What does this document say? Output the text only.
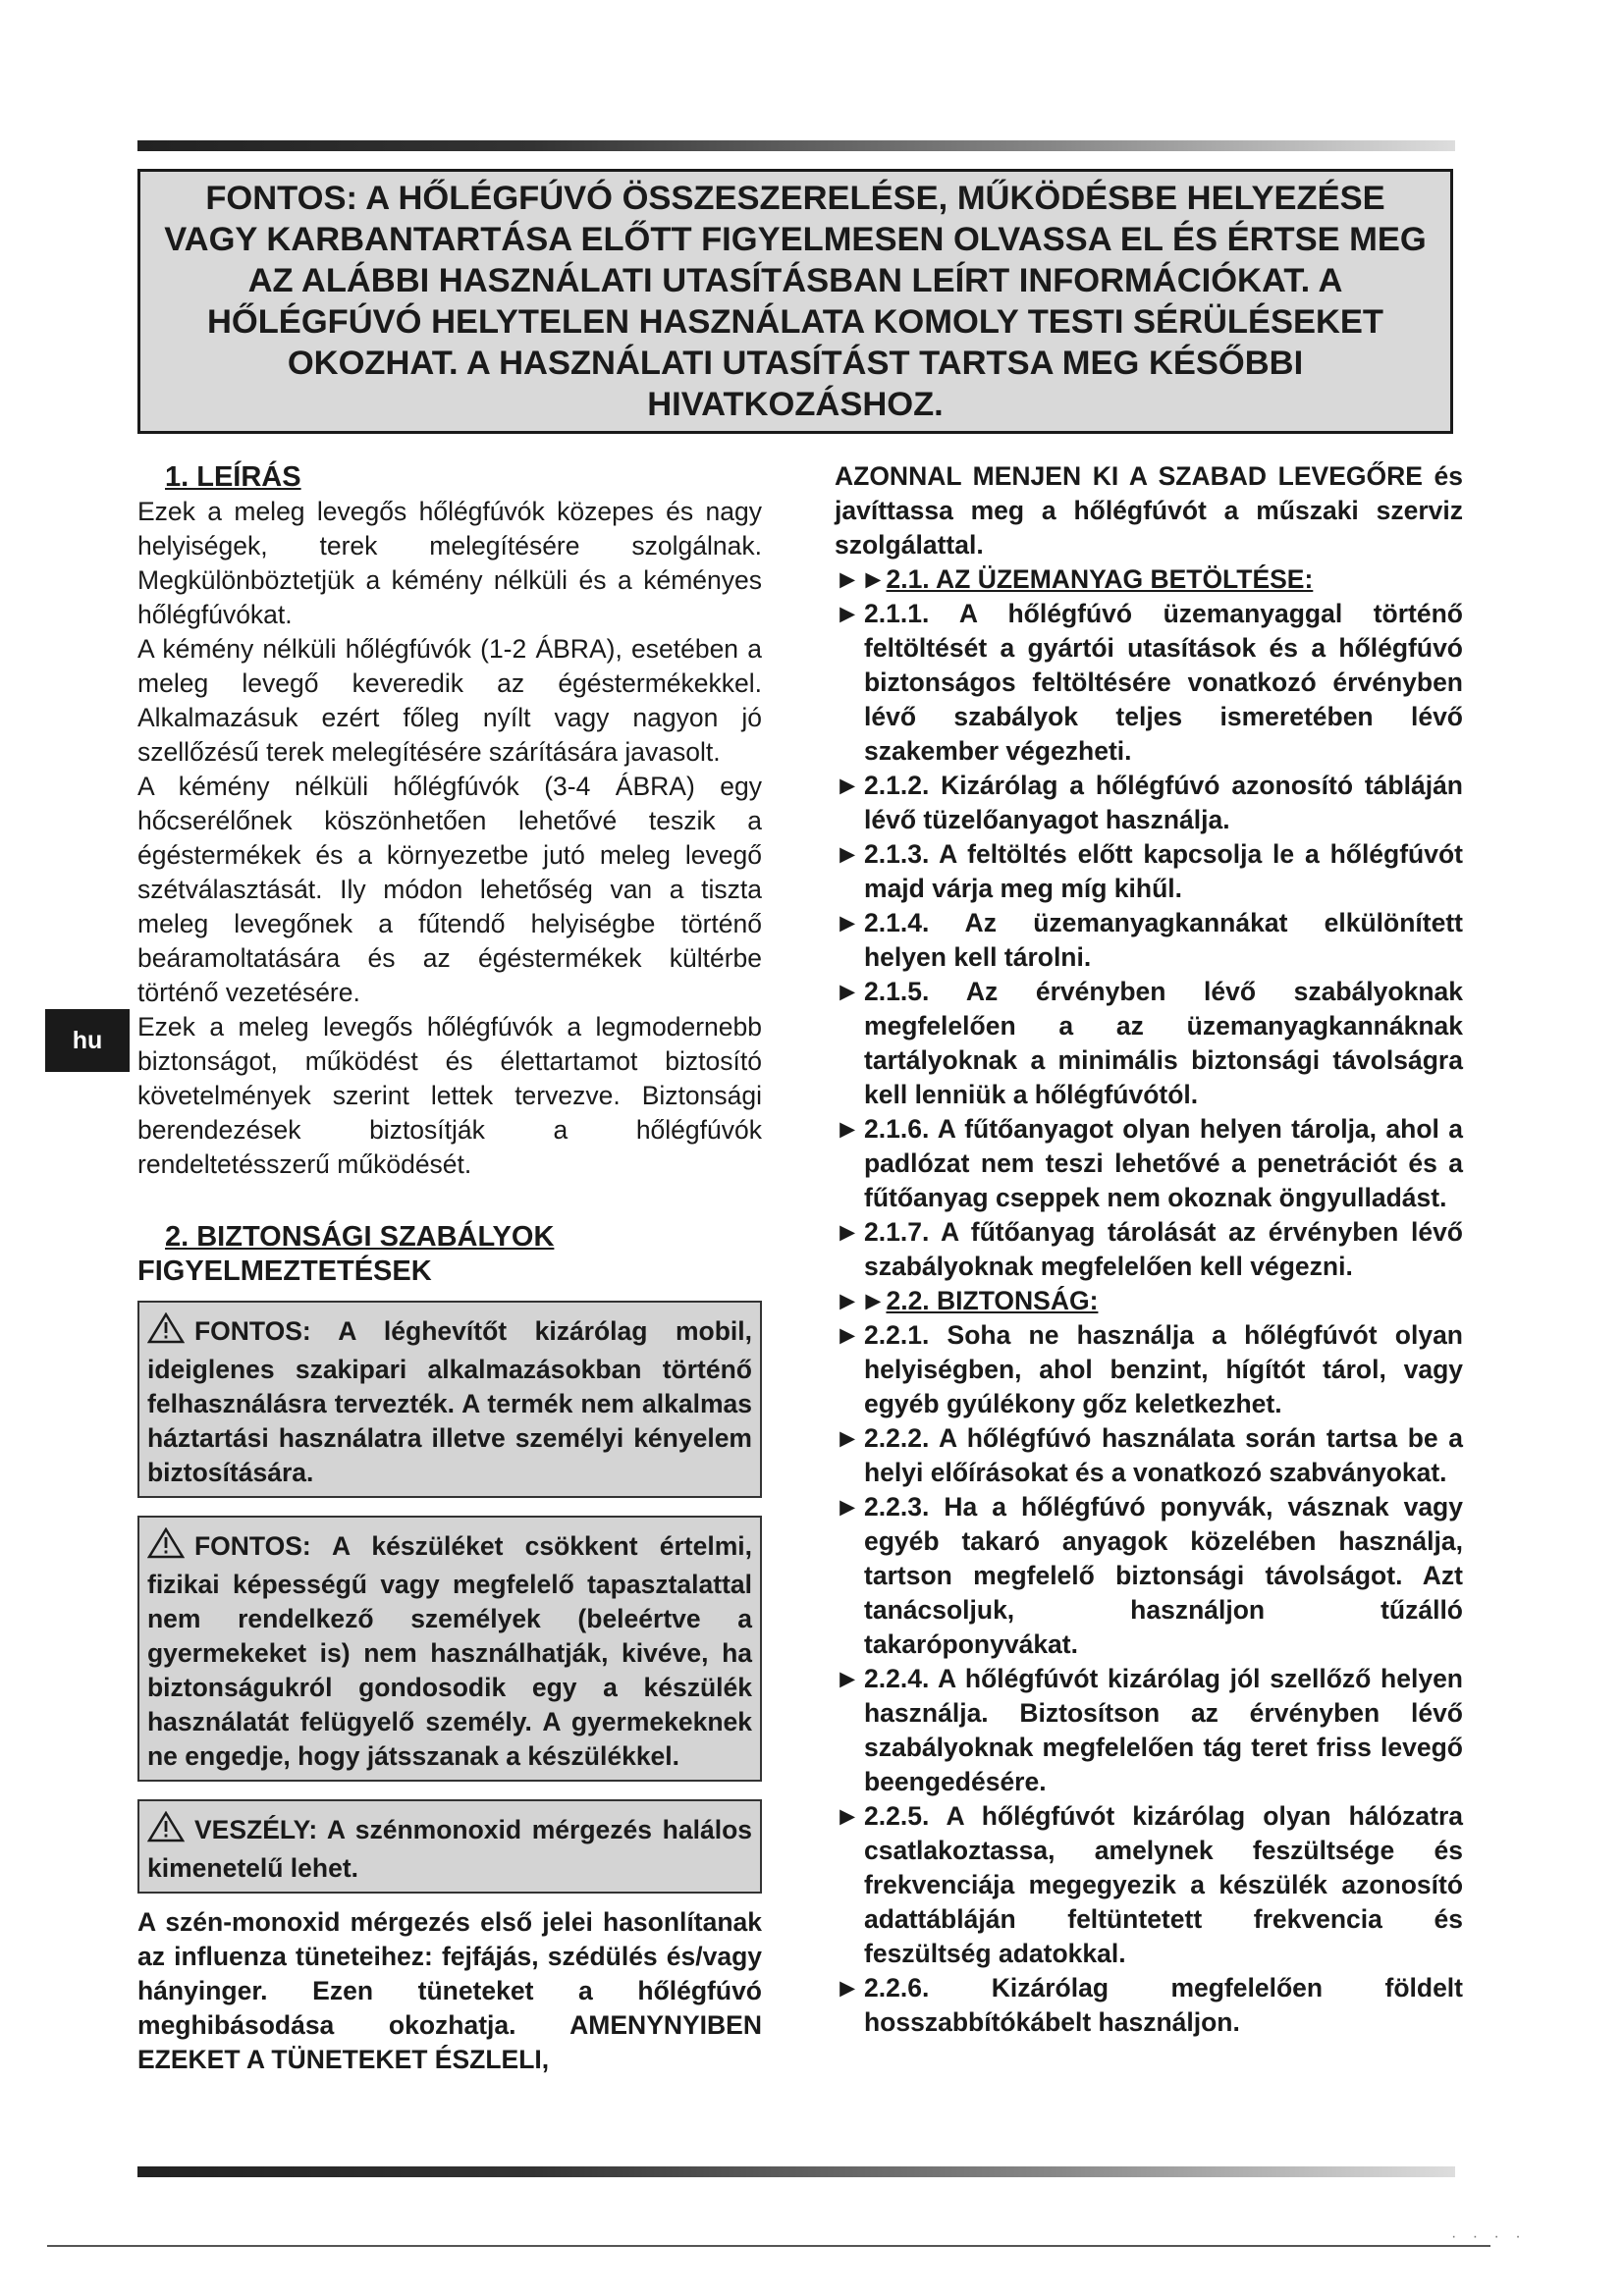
FONTOS: A HŐLÉGFÚVÓ ÖSSZESZERELÉSE, MŰKÖDÉSBE HELYEZÉSE VAGY KARBANTARTÁSA ELŐTT FIGYELMESEN OLVASSA EL ÉS ÉRTSE MEG AZ ALÁBBI HASZNÁLATI UTASÍTÁSBAN LEÍRT INFORMÁCIÓKAT. A HŐLÉGFÚVÓ HELYTELEN HASZNÁLATA KOMOLY TESTI SÉRÜLÉSEKET OKOZHAT. A HASZNÁLATI UTASÍTÁST TARTSA MEG KÉSŐBBI HIVATKOZÁSHOZ.

hu

1. LEÍRÁS

Ezek a meleg levegős hőlégfúvók közepes és nagy helyiségek, terek melegítésére szolgálnak. Megkülönböztetjük a kémény nélküli és a kéményes hőlégfúvókat.

A kémény nélküli hőlégfúvók (1-2 ÁBRA), esetében a meleg levegő keveredik az égéstermékekkel. Alkalmazásuk ezért főleg nyílt vagy nagyon jó szellőzésű terek melegítésére szárítására javasolt.

A kémény nélküli hőlégfúvók (3-4 ÁBRA) egy hőcserélőnek köszönhetően lehetővé teszik a égéstermékek és a környezetbe jutó meleg levegő szétválasztását. Ily módon lehetőség van a tiszta meleg levegőnek a fűtendő helyiségbe történő beáramoltatására és az égéstermékek kültérbe történő vezetésére.

Ezek a meleg levegős hőlégfúvók a legmodernebb biztonságot, működést és élettartamot biztosító követelmények szerint lettek tervezve. Biztonsági berendezések biztosítják a hőlégfúvók rendeltetésszerű működését.

2. BIZTONSÁGI SZABÁLYOK

FIGYELMEZTETÉSEK

FONTOS: A léghevítőt kizárólag mobil, ideiglenes szakipari alkalmazásokban történő felhasználásra tervezték. A termék nem alkalmas háztartási használatra illetve személyi kényelem biztosítására.

FONTOS: A készüléket csökkent értelmi, fizikai képességű vagy megfelelő tapasztalattal nem rendelkező személyek (beleértve a gyermekeket is) nem használhatják, kivéve, ha biztonságukról gondosodik egy a készülék használatát felügyelő személy. A gyermekeknek ne engedje, hogy játsszanak a készülékkel.

VESZÉLY: A szénmonoxid mérgezés halálos kimenetelű lehet.

A szén-monoxid mérgezés első jelei hasonlítanak az influenza tüneteihez: fejfájás, szédülés és/vagy hányinger. Ezen tüneteket a hőlégfúvó meghibásodása okozhatja. AMENYNYIBEN EZEKET A TÜNETEKET ÉSZLELI,

AZONNAL MENJEN KI A SZABAD LEVEGŐRE és javíttassa meg a hőlégfúvót a műszaki szerviz szolgálattal.

►►2.1. AZ ÜZEMANYAG BETÖLTÉSE:

► 2.1.1. A hőlégfúvó üzemanyaggal történő feltöltését a gyártói utasítások és a hőlégfúvó biztonságos feltöltésére vonatkozó érvényben lévő szabályok teljes ismeretében lévő szakember végezheti.

► 2.1.2. Kizárólag a hőlégfúvó azonosító tábláján lévő tüzelőanyagot használja.

► 2.1.3. A feltöltés előtt kapcsolja le a hőlégfúvót majd várja meg míg kihűl.

► 2.1.4. Az üzemanyagkannákat elkülönített helyen kell tárolni.

► 2.1.5. Az érvényben lévő szabályoknak megfelelően a az üzemanyagkannáknak tartályoknak a minimális biztonsági távolságra kell lenniük a hőlégfúvótól.

► 2.1.6. A fűtőanyagot olyan helyen tárolja, ahol a padlózat nem teszi lehetővé a penetrációt és a fűtőanyag cseppek nem okoznak öngyulladást.

► 2.1.7. A fűtőanyag tárolását az érvényben lévő szabályoknak megfelelően kell végezni.

►►2.2. BIZTONSÁG:

► 2.2.1. Soha ne használja a hőlégfúvót olyan helyiségben, ahol benzint, hígítót tárol, vagy egyéb gyúlékony gőz keletkezhet.

► 2.2.2. A hőlégfúvó használata során tartsa be a helyi előírásokat és a vonatkozó szabványokat.

► 2.2.3. Ha a hőlégfúvó ponyvák, vásznak vagy egyéb takaró anyagok közelében használja, tartson megfelelő biztonsági távolságot. Azt tanácsoljuk, használjon tűzálló takaróponyvákat.

► 2.2.4. A hőlégfúvót kizárólag jól szellőző helyen használja. Biztosítson az érvényben lévő szabályoknak megfelelően tág teret friss levegő beengedésére.

► 2.2.5. A hőlégfúvót kizárólag olyan hálózatra csatlakoztassa, amelynek feszültsége és frekvenciája megegyezik a készülék azonosító adattábláján feltüntetett frekvencia és feszültség adatokkal.

► 2.2.6. Kizárólag megfelelően földelt hosszabbítókábelt használjon.

· · · ·
